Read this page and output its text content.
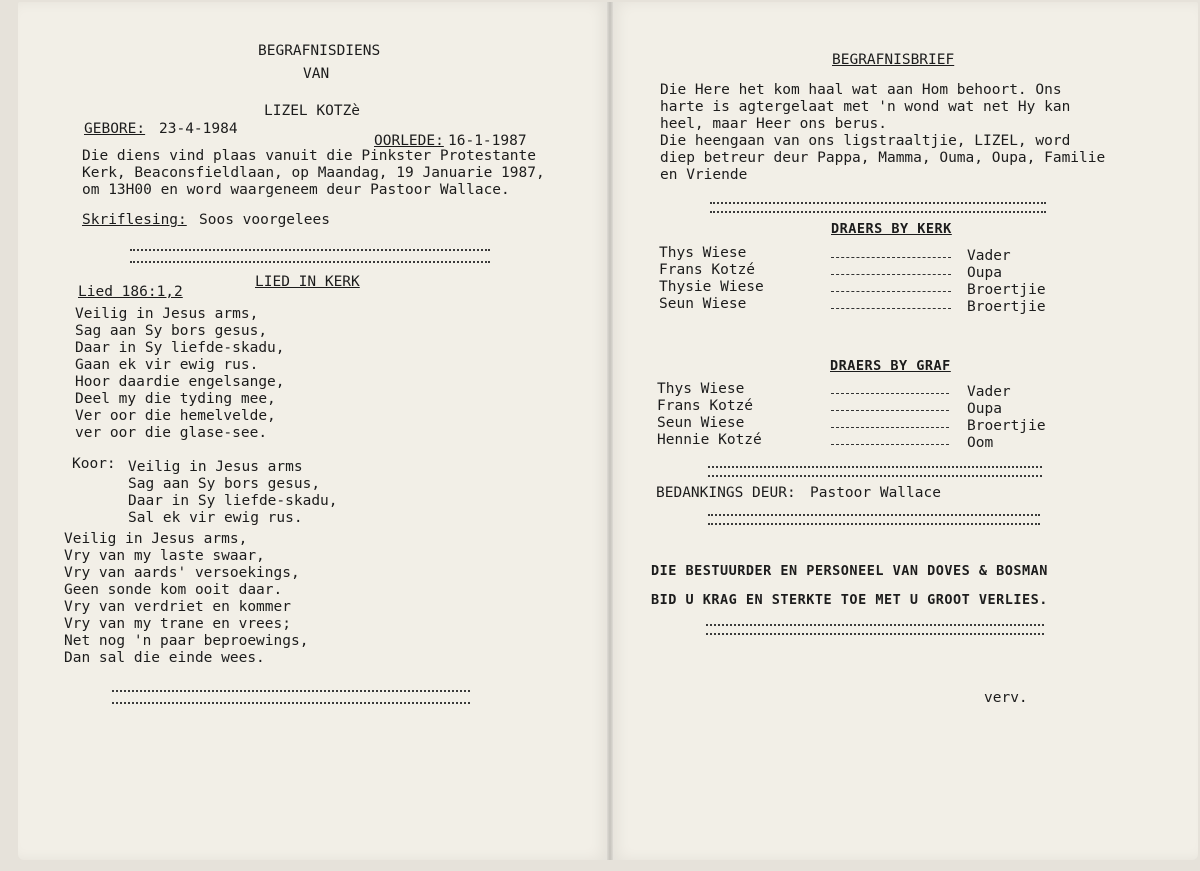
BEGRAFNISDIENS
VAN
LIZEL KOTZè
GEBORE: 23-4-1984
OORLEDE: 16-1-1987
Die diens vind plaas vanuit die Pinkster Protestante
Kerk, Beaconsfieldlaan, op Maandag, 19 Januarie 1987,
om 13H00 en word waargeneem deur Pastoor Wallace.
Skriflesing: Soos voorgelees
LIED IN KERK
Lied 186:1,2
Veilig in Jesus arms,
Sag aan Sy bors gesus,
Daar in Sy liefde-skadu,
Gaan ek vir ewig rus.
Hoor daardie engelsange,
Deel my die tyding mee,
Ver oor die hemelvelde,
ver oor die glase-see.
Koor: Veilig in Jesus arms
Sag aan Sy bors gesus,
Daar in Sy liefde-skadu,
Sal ek vir ewig rus.
Veilig in Jesus arms,
Vry van my laste swaar,
Vry van aards' versoekings,
Geen sonde kom ooit daar.
Vry van verdriet en kommer
Vry van my trane en vrees;
Net nog 'n paar beproewings,
Dan sal die einde wees.
BEGRAFNISBRIEF
Die Here het kom haal wat aan Hom behoort. Ons
harte is agtergelaat met 'n wond wat net Hy kan
heel, maar Heer ons berus.
Die heengaan van ons ligstraaltjie, LIZEL, word
diep betreur deur Pappa, Mamma, Ouma, Oupa, Familie
en Vriende
DRAERS BY KERK
Thys Wiese	Vader
Frans Kotzé	Oupa
Thysie Wiese	Broertjie
Seun Wiese	Broertjie
DRAERS BY GRAF
Thys Wiese	Vader
Frans Kotzé	Oupa
Seun Wiese	Broertjie
Hennie Kotzé	Oom
BEDANKINGS DEUR: Pastoor Wallace
DIE BESTUURDER EN PERSONEEL VAN DOVES & BOSMAN
BID U KRAG EN STERKTE TOE MET U GROOT VERLIES.
verv.
